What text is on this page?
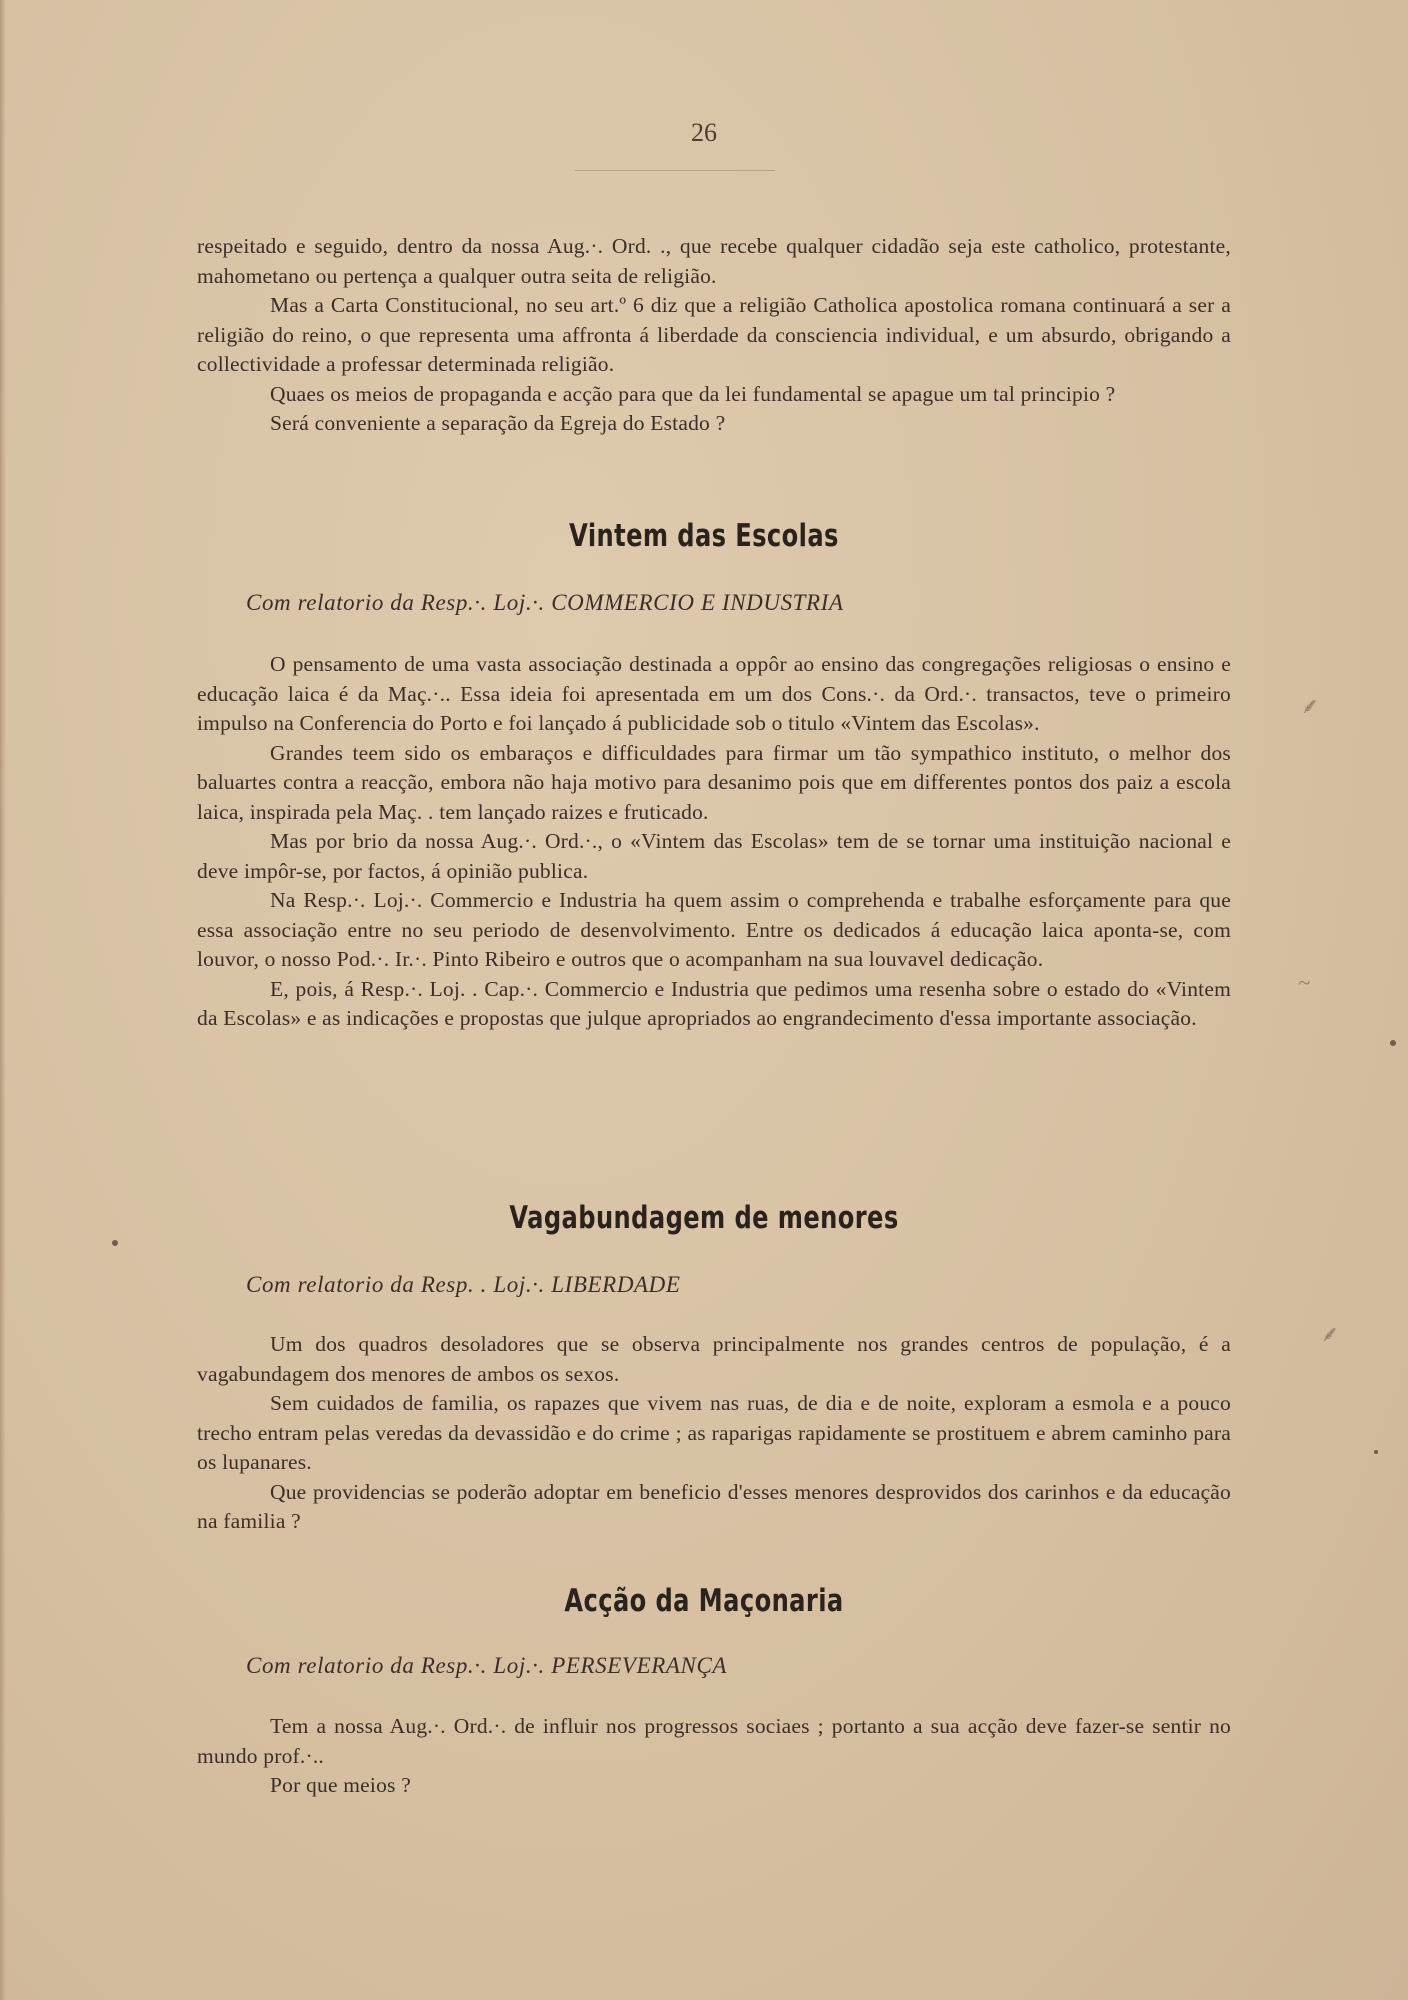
26

respeitado e seguido, dentro da nossa Aug.·. Ord. ., que recebe qualquer cidadão seja este catholico, protestante, mahometano ou pertença a qualquer outra seita de religião.

Mas a Carta Constitucional, no seu art.º 6 diz que a religião Catholica apostolica romana continuará a ser a religião do reino, o que representa uma affronta á liberdade da consciencia individual, e um absurdo, obrigando a collectividade a professar determinada religião.

Quaes os meios de propaganda e acção para que da lei fundamental se apague um tal principio ?

Será conveniente a separação da Egreja do Estado ?

Vintem das Escolas
Com relatorio da Resp.·. Loj.·. COMMERCIO E INDUSTRIA

O pensamento de uma vasta associação destinada a oppôr ao ensino das congregações religiosas o ensino e educação laica é da Maç.·.. Essa ideia foi apresentada em um dos Cons.·. da Ord.·. transactos, teve o primeiro impulso na Conferencia do Porto e foi lançado á publicidade sob o titulo «Vintem das Escolas».

Grandes teem sido os embaraços e difficuldades para firmar um tão sympathico instituto, o melhor dos baluartes contra a reacção, embora não haja motivo para desanimo pois que em differentes pontos dos paiz a escola laica, inspirada pela Maç. . tem lançado raizes e fruticado.

Mas por brio da nossa Aug.·. Ord.·., o «Vintem das Escolas» tem de se tornar uma instituição nacional e deve impôr-se, por factos, á opinião publica.

Na Resp.·. Loj.·. Commercio e Industria ha quem assim o comprehenda e trabalhe esforçamente para que essa associação entre no seu periodo de desenvolvimento. Entre os dedicados á educação laica aponta-se, com louvor, o nosso Pod.·. Ir.·. Pinto Ribeiro e outros que o acompanham na sua louvavel dedicação.

E, pois, á Resp.·. Loj. . Cap.·. Commercio e Industria que pedimos uma resenha sobre o estado do «Vintem da Escolas» e as indicações e propostas que julque apropriados ao engrandecimento d'essa importante associação.

Vagabundagem de menores
Com relatorio da Resp. . Loj.·. LIBERDADE

Um dos quadros desoladores que se observa principalmente nos grandes centros de população, é a vagabundagem dos menores de ambos os sexos.

Sem cuidados de familia, os rapazes que vivem nas ruas, de dia e de noite, exploram a esmola e a pouco trecho entram pelas veredas da devassidão e do crime ; as raparigas rapidamente se prostituem e abrem caminho para os lupanares.

Que providencias se poderão adoptar em beneficio d'esses menores desprovidos dos carinhos e da educação na familia ?

Acção da Maçonaria
Com relatorio da Resp.·. Loj.·. PERSEVERANÇA

Tem a nossa Aug.·. Ord.·. de influir nos progressos sociaes ; portanto a sua acção deve fazer-se sentir no mundo prof.·..

Por que meios ?

⸙
~
⸙
